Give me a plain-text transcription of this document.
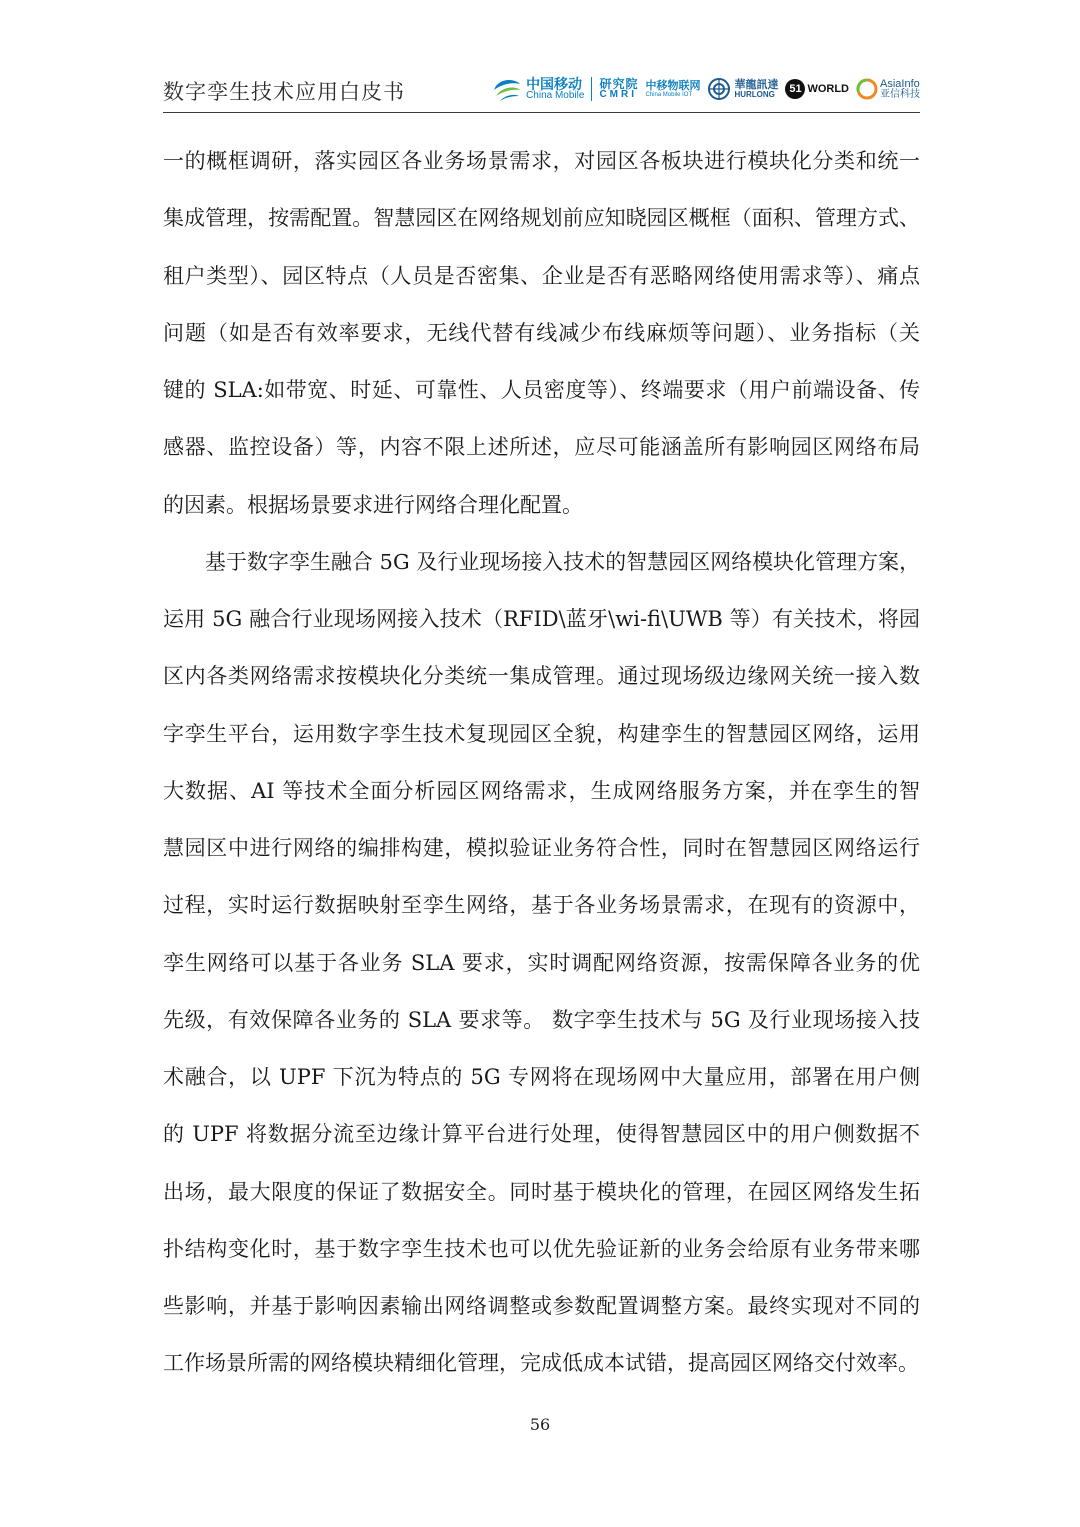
数字孪生技术应用白皮书	中国移动
China Mobile
研究院
CMRI
中移物联网
China Mobile IOT
華龍訊達
HURLONG	51 WORLD	AsiaInfo
亚信科技
一的概框调研，落实园区各业务场景需求，对园区各板块进行模块化分类和统一
集成管理，按需配置。智慧园区在网络规划前应知晓园区概框（面积、管理方式、
租户类型）、园区特点（人员是否密集、企业是否有恶略网络使用需求等）、痛点
问题（如是否有效率要求，无线代替有线减少布线麻烦等问题）、业务指标（关
键的 SLA:如带宽、时延、可靠性、人员密度等）、终端要求（用户前端设备、传
感器、监控设备）等，内容不限上述所述，应尽可能涵盖所有影响园区网络布局
的因素。根据场景要求进行网络合理化配置。
基于数字孪生融合 5G 及行业现场接入技术的智慧园区网络模块化管理方案，
运用 5G 融合行业现场网接入技术（RFID\蓝牙\wi-fi\UWB 等）有关技术，将园
区内各类网络需求按模块化分类统一集成管理。通过现场级边缘网关统一接入数
字孪生平台，运用数字孪生技术复现园区全貌，构建孪生的智慧园区网络，运用
大数据、AI 等技术全面分析园区网络需求，生成网络服务方案，并在孪生的智
慧园区中进行网络的编排构建，模拟验证业务符合性，同时在智慧园区网络运行
过程，实时运行数据映射至孪生网络，基于各业务场景需求，在现有的资源中，
孪生网络可以基于各业务 SLA 要求，实时调配网络资源，按需保障各业务的优
先级，有效保障各业务的 SLA 要求等。 数字孪生技术与 5G 及行业现场接入技
术融合，以 UPF 下沉为特点的 5G 专网将在现场网中大量应用，部署在用户侧
的 UPF 将数据分流至边缘计算平台进行处理，使得智慧园区中的用户侧数据不
出场，最大限度的保证了数据安全。同时基于模块化的管理，在园区网络发生拓
扑结构变化时，基于数字孪生技术也可以优先验证新的业务会给原有业务带来哪
些影响，并基于影响因素输出网络调整或参数配置调整方案。最终实现对不同的
工作场景所需的网络模块精细化管理，完成低成本试错，提高园区网络交付效率。
56
